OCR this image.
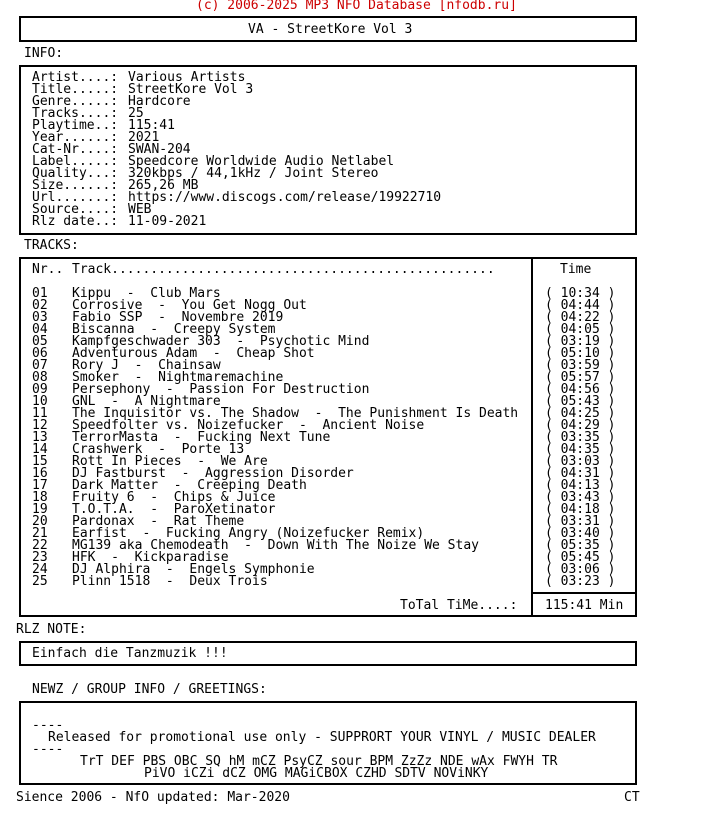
(c) 2006-2025 MP3 NFO Database [nfodb.ru]
VA - StreetKore Vol 3
INFO:
Artist....: Various Artists
Title.....: StreetKore Vol 3
Genre.....: Hardcore
Tracks....: 25
Playtime..: 115:41
Year......: 2021
Cat-Nr....: SWAN-204
Label.....: Speedcore Worldwide Audio Netlabel
Quality...: 320kbps / 44,1kHz / Joint Stereo
Size......: 265,26 MB
Url.......: https://www.discogs.com/release/19922710
Source....: WEB
Rlz date..: 11-09-2021
TRACKS:
Nr.. Track.................................................	Time
01 Kippu  -  Club Mars	( 10:34 )
02 Corrosive  -  You Get Nogg Out	( 04:44 )
03 Fabio SSP  -  Novembre 2019	( 04:22 )
04 Biscanna  -  Creepy System	( 04:05 )
05 Kampfgeschwader 303  -  Psychotic Mind	( 03:19 )
06 Adventurous Adam  -  Cheap Shot	( 05:10 )
07 Rory J  -  Chainsaw	( 03:59 )
08 Smoker  -  Nightmaremachine	( 05:57 )
09 Persephony  -  Passion For Destruction	( 04:56 )
10 GNL  -  A Nightmare	( 05:43 )
11 The Inquisitor vs. The Shadow  -  The Punishment Is Death ( 04:25 )
12 Speedfolter vs. Noizefucker  -  Ancient Noise	( 04:29 )
13 TerrorMasta  -  Fucking Next Tune	( 03:35 )
14 Crashwerk  -  Porte 13	( 04:35 )
15 Rott In Pieces  -  We Are	( 03:03 )
16 DJ Fastburst  -  Aggression Disorder	( 04:31 )
17 Dark Matter  -  Creeping Death	( 04:13 )
18 Fruity 6  -  Chips & Juice	( 03:43 )
19 T.O.T.A.  -  ParoXetinator	( 04:18 )
20 Pardonax  -  Rat Theme	( 03:31 )
21 Earfist  -  Fucking Angry (Noizefucker Remix)	( 03:40 )
22 MG139 aka Chemodeath  -  Down With The Noize We Stay	( 05:35 )
23 HFK  -  Kickparadise	( 05:45 )
24 DJ Alphira  -  Engels Symphonie	( 03:06 )
25 Plinn 1518  -  Deux Trois	( 03:23 )
ToTal TiMe....: 115:41 Min
RLZ NOTE:
Einfach die Tanzmuzik !!!
NEWZ / GROUP INFO / GREETINGS:
----
Released for promotional use only - SUPPRORT YOUR VINYL / MUSIC DEALER
----
TrT DEF PBS OBC SQ hM mCZ PsyCZ sour BPM ZzZz NDE wAx FWYH TR
PiVO iCZi dCZ OMG MAGiCBOX CZHD SDTV NOViNKY
Sience 2006 - NfO updated: Mar-2020	CT
